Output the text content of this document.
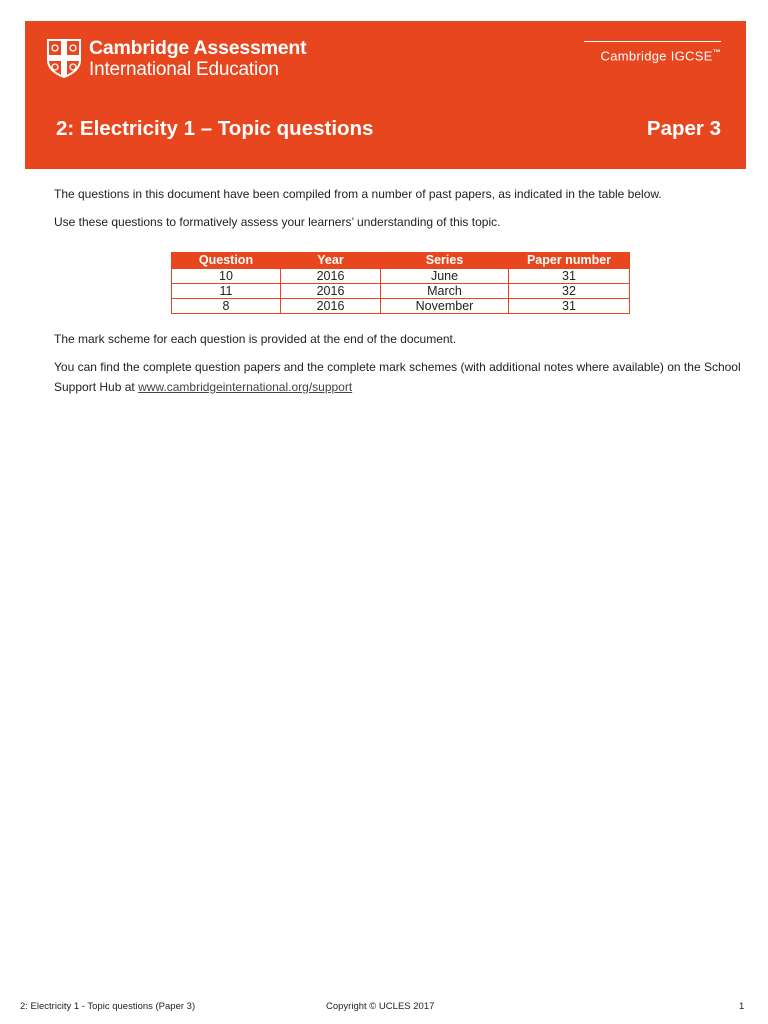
Cambridge Assessment
International Education
Cambridge IGCSE™
2: Electricity 1 – Topic questions	Paper 3

The questions in this document have been compiled from a number of past papers, as indicated in the table below.

Use these questions to formatively assess your learners’ understanding of this topic.

Question	Year	Series	Paper number
10	2016	June	31
11	2016	March	32
8	2016	November	31

The mark scheme for each question is provided at the end of the document.

You can find the complete question papers and the complete mark schemes (with additional notes where available) on the School Support Hub at www.cambridgeinternational.org/support

2: Electricity 1 - Topic questions (Paper 3)	Copyright © UCLES 2017	1
